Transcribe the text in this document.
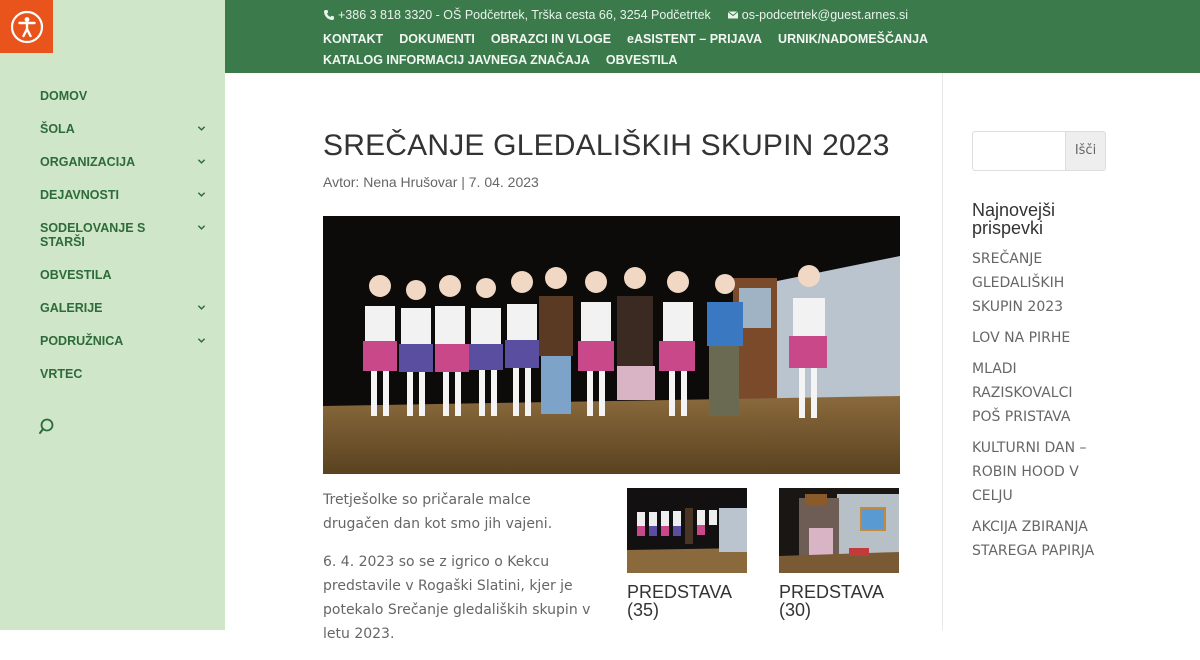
DOMOV
ŠOLA
ORGANIZACIJA
DEJAVNOSTI
SODELOVANJE S STARŠI
OBVESTILA
GALERIJE
PODRUŽNICA
VRTEC
+386 3 818 3320 - OŠ Podčetrtek, Trška cesta 66, 3254 Podčetrtek os-podcetrtek@guest.arnes.si
KONTAKT DOKUMENTI OBRAZCI IN VLOGE eASISTENT – PRIJAVA URNIK/NADOMEŠČANJAKATALOG INFORMACIJ JAVNEGA ZNAČAJA OBVESTILA
SREČANJE GLEDALIŠKIH SKUPIN 2023
Avtor: Nena Hrušovar | 7. 04. 2023

Tretješolke so pričarale malce drugačen dan kot smo jih vajeni.

6. 4. 2023 so se z igrico o Kekcu predstavile v Rogaški Slatini, kjer je potekalo Srečanje gledaliških skupin v letu 2023.

PREDSTAVA (35)
PREDSTAVA (30)
Išči
Najnovejši prispevki
SREČANJE GLEDALIŠKIH SKUPIN 2023
LOV NA PIRHE
MLADI RAZISKOVALCI POŠ PRISTAVA
KULTURNI DAN – ROBIN HOOD V CELJU
AKCIJA ZBIRANJA STAREGA PAPIRJA
